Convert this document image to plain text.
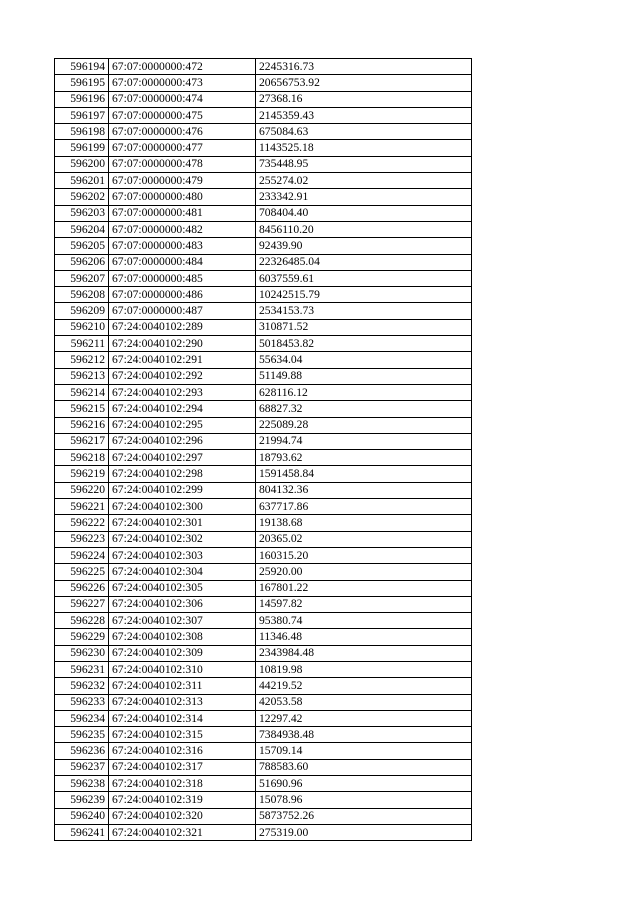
596194	67:07:0000000:472	2245316.73
596195	67:07:0000000:473	20656753.92
596196	67:07:0000000:474	27368.16
596197	67:07:0000000:475	2145359.43
596198	67:07:0000000:476	675084.63
596199	67:07:0000000:477	1143525.18
596200	67:07:0000000:478	735448.95
596201	67:07:0000000:479	255274.02
596202	67:07:0000000:480	233342.91
596203	67:07:0000000:481	708404.40
596204	67:07:0000000:482	8456110.20
596205	67:07:0000000:483	92439.90
596206	67:07:0000000:484	22326485.04
596207	67:07:0000000:485	6037559.61
596208	67:07:0000000:486	10242515.79
596209	67:07:0000000:487	2534153.73
596210	67:24:0040102:289	310871.52
596211	67:24:0040102:290	5018453.82
596212	67:24:0040102:291	55634.04
596213	67:24:0040102:292	51149.88
596214	67:24:0040102:293	628116.12
596215	67:24:0040102:294	68827.32
596216	67:24:0040102:295	225089.28
596217	67:24:0040102:296	21994.74
596218	67:24:0040102:297	18793.62
596219	67:24:0040102:298	1591458.84
596220	67:24:0040102:299	804132.36
596221	67:24:0040102:300	637717.86
596222	67:24:0040102:301	19138.68
596223	67:24:0040102:302	20365.02
596224	67:24:0040102:303	160315.20
596225	67:24:0040102:304	25920.00
596226	67:24:0040102:305	167801.22
596227	67:24:0040102:306	14597.82
596228	67:24:0040102:307	95380.74
596229	67:24:0040102:308	11346.48
596230	67:24:0040102:309	2343984.48
596231	67:24:0040102:310	10819.98
596232	67:24:0040102:311	44219.52
596233	67:24:0040102:313	42053.58
596234	67:24:0040102:314	12297.42
596235	67:24:0040102:315	7384938.48
596236	67:24:0040102:316	15709.14
596237	67:24:0040102:317	788583.60
596238	67:24:0040102:318	51690.96
596239	67:24:0040102:319	15078.96
596240	67:24:0040102:320	5873752.26
596241	67:24:0040102:321	275319.00
